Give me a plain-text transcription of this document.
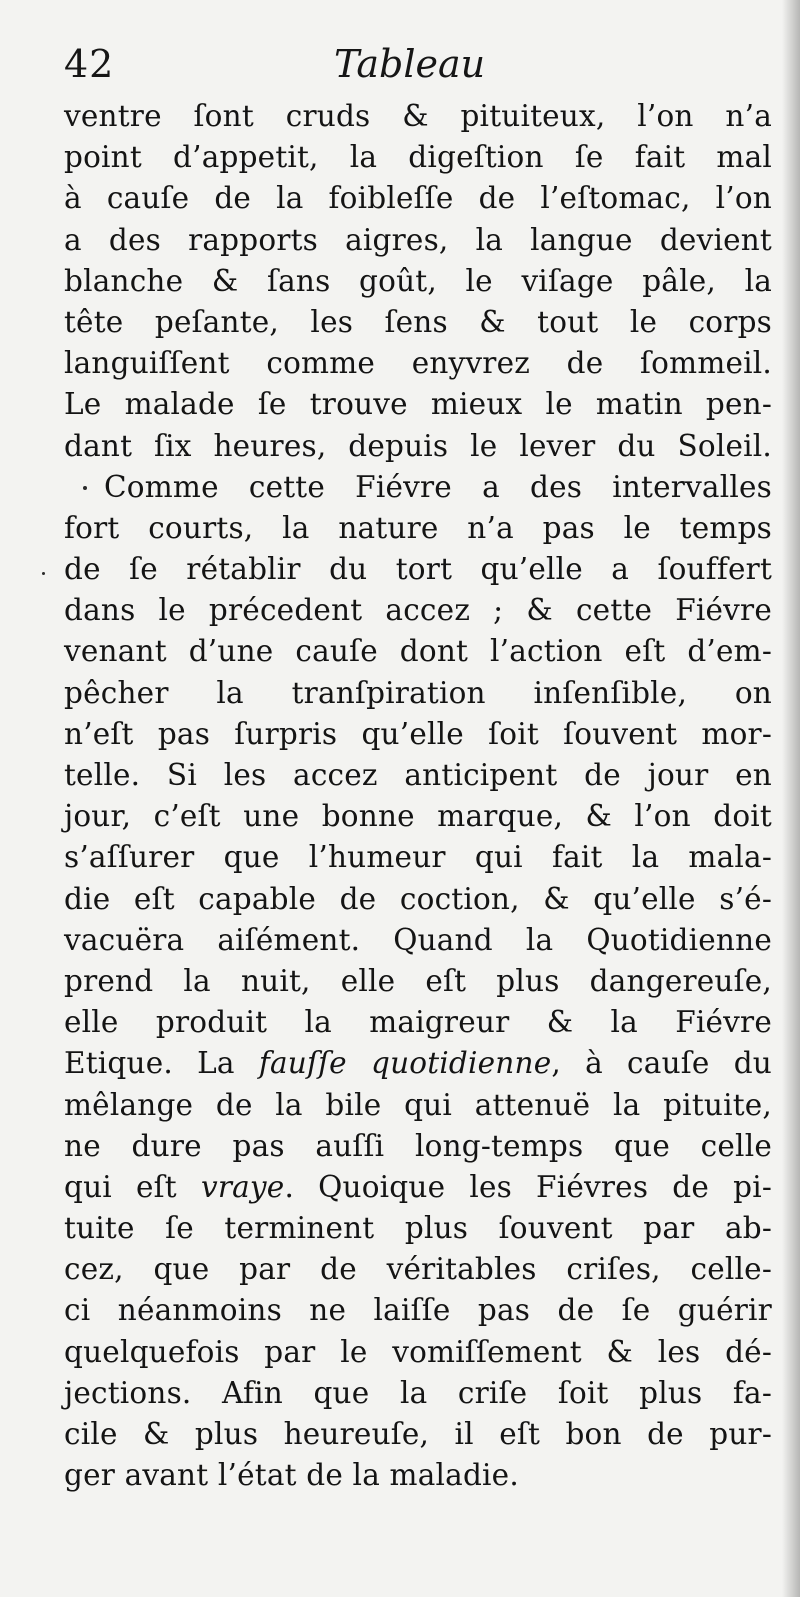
42	Tableau
ventre ſont cruds & pituiteux, l’on n’a
point d’appetit, la digeſtion ſe fait mal
à cauſe de la foibleſſe de l’eſtomac, l’on
a des rapports aigres, la langue devient
blanche & ſans goût, le viſage pâle, la
tête peſante, les ſens & tout le corps
languiſſent comme enyvrez de ſommeil.
Le malade ſe trouve mieux le matin pen-
dant ſix heures, depuis le lever du Soleil.
Comme cette Fiévre a des intervalles
fort courts, la nature n’a pas le temps
de ſe rétablir du tort qu’elle a ſouffert
dans le précedent accez ; & cette Fiévre
venant d’une cauſe dont l’action eſt d’em-
pêcher la tranſpiration inſenſible, on
n’eſt pas ſurpris qu’elle ſoit ſouvent mor-
telle. Si les accez anticipent de jour en
jour, c’eſt une bonne marque, & l’on doit
s’aſſurer que l’humeur qui fait la mala-
die eſt capable de coction, & qu’elle s’é-
vacuëra aiſément. Quand la Quotidienne
prend la nuit, elle eſt plus dangereuſe,
elle produit la maigreur & la Fiévre
Etique. La fauſſe quotidienne, à cauſe du
mêlange de la bile qui attenuë la pituite,
ne dure pas auſſi long-temps que celle
qui eſt vraye. Quoique les Fiévres de pi-
tuite ſe terminent plus ſouvent par ab-
cez, que par de véritables criſes, celle-
ci néanmoins ne laiſſe pas de ſe guérir
quelquefois par le vomiſſement & les dé-
jections. Afin que la criſe ſoit plus fa-
cile & plus heureuſe, il eſt bon de pur-
ger avant l’état de la maladie.
